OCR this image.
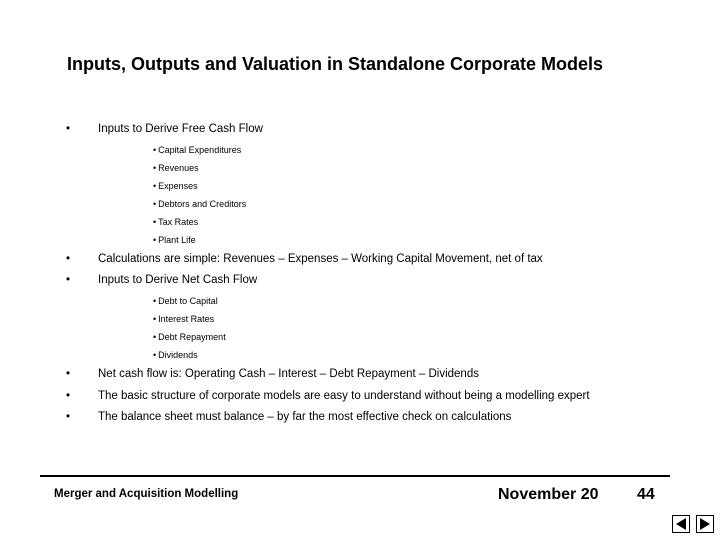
Inputs, Outputs and Valuation in Standalone Corporate Models
• Inputs to Derive Free Cash Flow
• Capital Expenditures
• Revenues
• Expenses
• Debtors and Creditors
• Tax Rates
• Plant Life
• Calculations are simple: Revenues – Expenses – Working Capital Movement, net of tax
• Inputs to Derive Net Cash Flow
• Debt to Capital
• Interest Rates
• Debt Repayment
• Dividends
• Net cash flow is: Operating Cash – Interest – Debt Repayment – Dividends
• The basic structure of corporate models are easy to understand without being a modelling expert
• The balance sheet must balance – by far the most effective check on calculations
Merger and Acquisition Modelling	November 20 44
